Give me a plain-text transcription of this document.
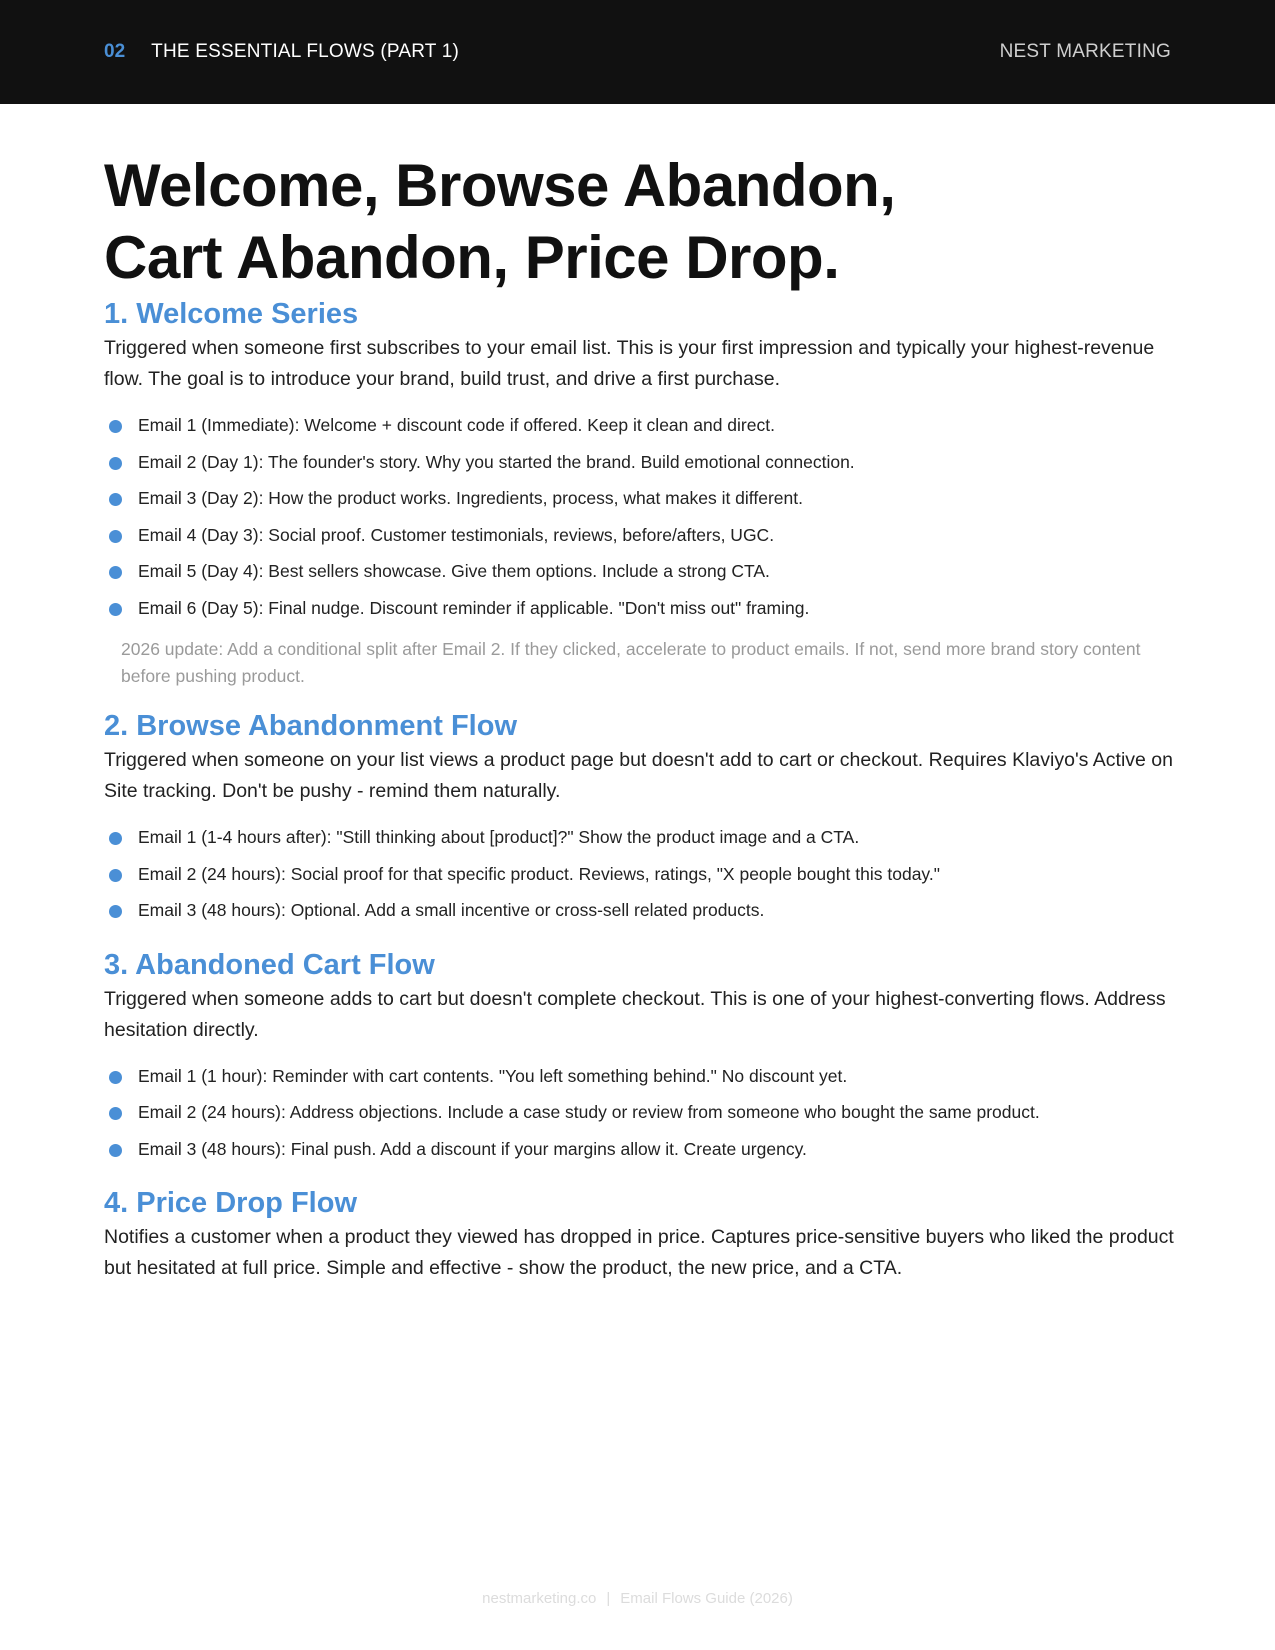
02 THE ESSENTIAL FLOWS (PART 1)	NEST MARKETING
Welcome, Browse Abandon,
Cart Abandon, Price Drop.
1. Welcome Series

Triggered when someone first subscribes to your email list. This is your first impression and typically your highest-revenue flow. The goal is to introduce your brand, build trust, and drive a first purchase.

Email 1 (Immediate): Welcome + discount code if offered. Keep it clean and direct.
Email 2 (Day 1): The founder's story. Why you started the brand. Build emotional connection.
Email 3 (Day 2): How the product works. Ingredients, process, what makes it different.
Email 4 (Day 3): Social proof. Customer testimonials, reviews, before/afters, UGC.
Email 5 (Day 4): Best sellers showcase. Give them options. Include a strong CTA.
Email 6 (Day 5): Final nudge. Discount reminder if applicable. "Don't miss out" framing.

2026 update: Add a conditional split after Email 2. If they clicked, accelerate to product emails. If not, send more brand story content before pushing product.

2. Browse Abandonment Flow

Triggered when someone on your list views a product page but doesn't add to cart or checkout. Requires Klaviyo's Active on Site tracking. Don't be pushy - remind them naturally.

Email 1 (1-4 hours after): "Still thinking about [product]?" Show the product image and a CTA.
Email 2 (24 hours): Social proof for that specific product. Reviews, ratings, "X people bought this today."
Email 3 (48 hours): Optional. Add a small incentive or cross-sell related products.
3. Abandoned Cart Flow

Triggered when someone adds to cart but doesn't complete checkout. This is one of your highest-converting flows. Address hesitation directly.

Email 1 (1 hour): Reminder with cart contents. "You left something behind." No discount yet.
Email 2 (24 hours): Address objections. Include a case study or review from someone who bought the same product.
Email 3 (48 hours): Final push. Add a discount if your margins allow it. Create urgency.
4. Price Drop Flow

Notifies a customer when a product they viewed has dropped in price. Captures price-sensitive buyers who liked the product but hesitated at full price. Simple and effective - show the product, the new price, and a CTA.

nestmarketing.co | Email Flows Guide (2026)
